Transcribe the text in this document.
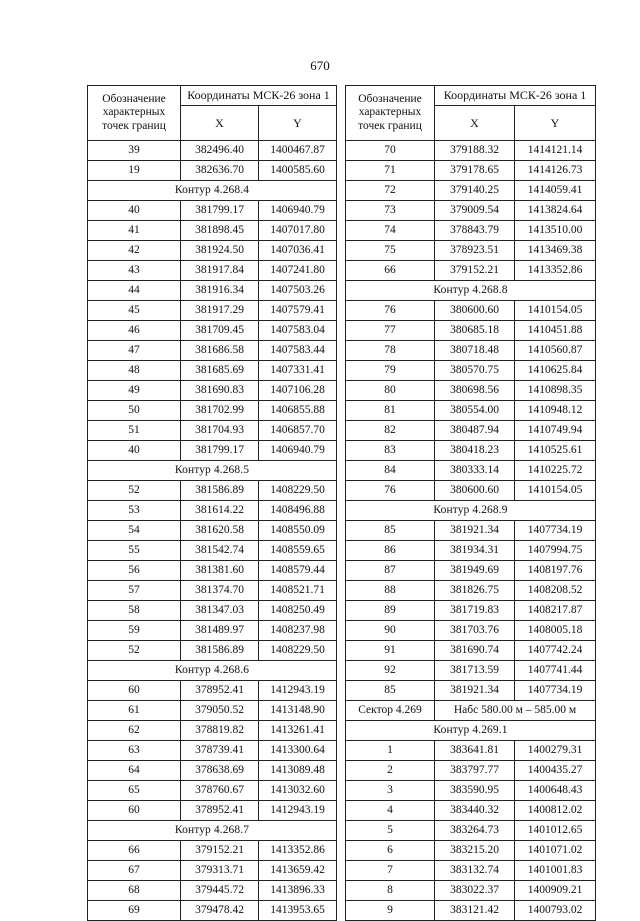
670
Обозначение характерных точек границ	Координаты МСК-26 зона 1	
	X	Y
39	382496.40	1400467.87
19	382636.70	1400585.60
Контур 4.268.4		
40	381799.17	1406940.79
41	381898.45	1407017.80
42	381924.50	1407036.41
43	381917.84	1407241.80
44	381916.34	1407503.26
45	381917.29	1407579.41
46	381709.45	1407583.04
47	381686.58	1407583.44
48	381685.69	1407331.41
49	381690.83	1407106.28
50	381702.99	1406855.88
51	381704.93	1406857.70
40	381799.17	1406940.79
Контур 4.268.5		
52	381586.89	1408229.50
53	381614.22	1408496.88
54	381620.58	1408550.09
55	381542.74	1408559.65
56	381381.60	1408579.44
57	381374.70	1408521.71
58	381347.03	1408250.49
59	381489.97	1408237.98
52	381586.89	1408229.50
Контур 4.268.6		
60	378952.41	1412943.19
61	379050.52	1413148.90
62	378819.82	1413261.41
63	378739.41	1413300.64
64	378638.69	1413089.48
65	378760.67	1413032.60
60	378952.41	1412943.19
Контур 4.268.7		
66	379152.21	1413352.86
67	379313.71	1413659.42
68	379445.72	1413896.33
69	379478.42	1413953.65
Обозначение характерных точек границ	Координаты МСК-26 зона 1	
	X	Y
70	379188.32	1414121.14
71	379178.65	1414126.73
72	379140.25	1414059.41
73	379009.54	1413824.64
74	378843.79	1413510.00
75	378923.51	1413469.38
66	379152.21	1413352.86
Контур 4.268.8		
76	380600.60	1410154.05
77	380685.18	1410451.88
78	380718.48	1410560.87
79	380570.75	1410625.84
80	380698.56	1410898.35
81	380554.00	1410948.12
82	380487.94	1410749.94
83	380418.23	1410525.61
84	380333.14	1410225.72
76	380600.60	1410154.05
Контур 4.268.9		
85	381921.34	1407734.19
86	381934.31	1407994.75
87	381949.69	1408197.76
88	381826.75	1408208.52
89	381719.83	1408217.87
90	381703.76	1408005.18
91	381690.74	1407742.24
92	381713.59	1407741.44
85	381921.34	1407734.19
Сектор 4.269	Набс 580.00 м – 585.00 м	
Контур 4.269.1		
1	383641.81	1400279.31
2	383797.77	1400435.27
3	383590.95	1400648.43
4	383440.32	1400812.02
5	383264.73	1401012.65
6	383215.20	1401071.02
7	383132.74	1401001.83
8	383022.37	1400909.21
9	383121.42	1400793.02
